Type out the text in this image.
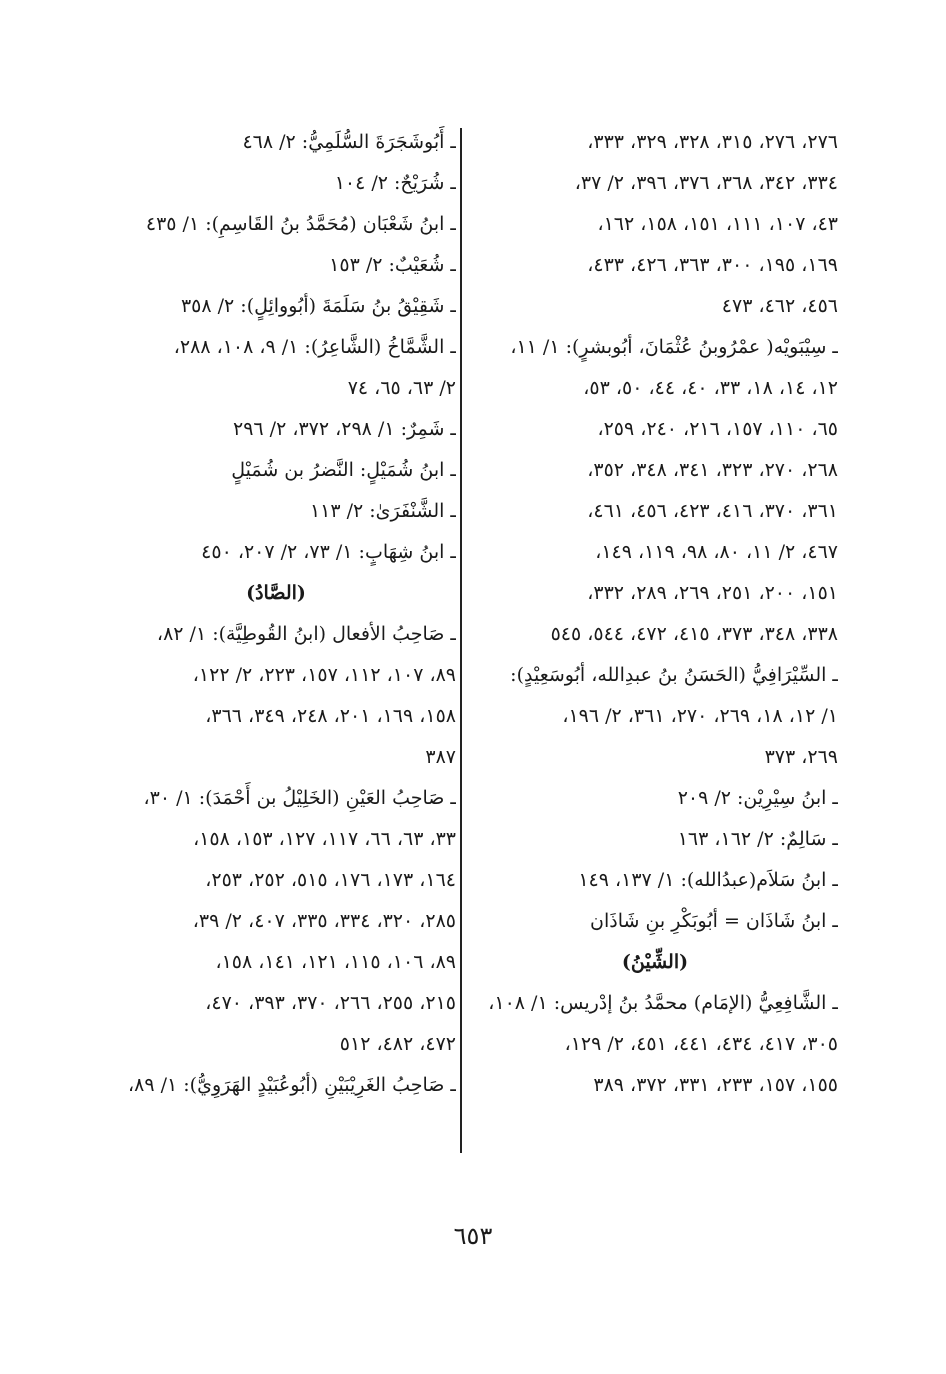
٢٧٦، ٢٧٦، ٣١٥، ٣٢٨، ٣٢٩، ٣٣٣،
٣٣٤، ٣٤٢، ٣٦٨، ٣٧٦، ٣٩٦، ٢/ ٣٧،
٤٣، ١٠٧، ١١١، ١٥١، ١٥٨، ١٦٢،
١٦٩، ١٩٥، ٣٠٠، ٣٦٣، ٤٢٦، ٤٣٣،
٤٥٦، ٤٦٢، ٤٧٣
ـ سِيْبَويْه( عمْرُوبنُ عُثْمَانَ، أبُوبشرٍ): ١/ ١١،
١٢، ١٤، ١٨، ٣٣، ٤٠، ٤٤، ٥٠، ٥٣،
٦٥، ١١٠، ١٥٧، ٢١٦، ٢٤٠، ٢٥٩،
٢٦٨، ٢٧٠، ٣٢٣، ٣٤١، ٣٤٨، ٣٥٢،
٣٦١، ٣٧٠، ٤١٦، ٤٢٣، ٤٥٦، ٤٦١،
٤٦٧، ٢/ ١١، ٨٠، ٩٨، ١١٩، ١٤٩،
١٥١، ٢٠٠، ٢٥١، ٢٦٩، ٢٨٩، ٣٣٢،
٣٣٨، ٣٤٨، ٣٧٣، ٤١٥، ٤٧٢، ٥٤٤، ٥٤٥
ـ السِّيْرَافِيُّ (الحَسَنُ بنُ عبدِالله، أبُوسَعِيْدٍ):
١/ ١٢، ١٨، ٢٦٩، ٢٧٠، ٣٦١، ٢/ ١٩٦،
٢٦٩، ٣٧٣
ـ ابنُ سِيْرِيْن: ٢/ ٢٠٩
ـ سَالِمٌ: ٢/ ١٦٢، ١٦٣
ـ ابنُ سَلاَم(عبدُالله): ١/ ١٣٧، ١٤٩
ـ ابنُ شَاذَان = أبُوبَكْرِ بنِ شَاذَان
(الشِّيْنُ)
ـ الشَّافِعِيُّ (الإمَام) محمَّدُ بنُ إدْريس: ١/ ١٠٨،
٣٠٥، ٤١٧، ٤٣٤، ٤٤١، ٤٥١، ٢/ ١٢٩،
١٥٥، ١٥٧، ٢٣٣، ٣٣١، ٣٧٢، ٣٨٩
ـ أَبُوشَجَرَةَ السُّلَمِيُّ: ٢/ ٤٦٨
ـ شُرَيْحٌ: ٢/ ١٠٤
ـ ابنُ شَعْبَان (مُحَمَّدُ بنُ القَاسِمِ): ١/ ٤٣٥
ـ شُعَيْبٌ: ٢/ ١٥٣
ـ شَقِيْقُ بنُ سَلَمَةَ (أبُووائِلٍ): ٢/ ٣٥٨
ـ الشَّمَّاخُ (الشَّاعِرُ): ١/ ٩، ١٠٨، ٢٨٨،
٢/ ٦٣، ٦٥، ٧٤
ـ شَمِرٌ: ١/ ٢٩٨، ٣٧٢، ٢/ ٢٩٦
ـ ابنُ شُمَيْلٍ: النَّضرُ بن شُمَيْلٍ
ـ الشَّنْفَرَىٰ: ٢/ ١١٣
ـ ابنُ شِهَابٍ: ١/ ٧٣، ٢/ ٢٠٧، ٤٥٠
(الصَّادُ)
ـ صَاحِبُ الأفعال (ابنُ القُوطِيَّة): ١/ ٨٢،
٨٩، ١٠٧، ١١٢، ١٥٧، ٢٢٣، ٢/ ١٢٢،
١٥٨، ١٦٩، ٢٠١، ٢٤٨، ٣٤٩، ٣٦٦،
٣٨٧
ـ صَاحِبُ العَيْنِ (الخَلِيْلُ بن أَحْمَدَ): ١/ ٣٠،
٣٣، ٦٣، ٦٦، ١١٧، ١٢٧، ١٥٣، ١٥٨،
١٦٤، ١٧٣، ١٧٦، ٥١٥، ٢٥٢، ٢٥٣،
٢٨٥، ٣٢٠، ٣٣٤، ٣٣٥، ٤٠٧، ٢/ ٣٩،
٨٩، ١٠٦، ١١٥، ١٢١، ١٤١، ١٥٨،
٢١٥، ٢٥٥، ٢٦٦، ٣٧٠، ٣٩٣، ٤٧٠،
٤٧٢، ٤٨٢، ٥١٢
ـ صَاحِبُ الغَرِيْبَيْنِ (أبُوعُبَيْدٍ الهَرَوِيُّ): ١/ ٨٩،
٦٥٣
